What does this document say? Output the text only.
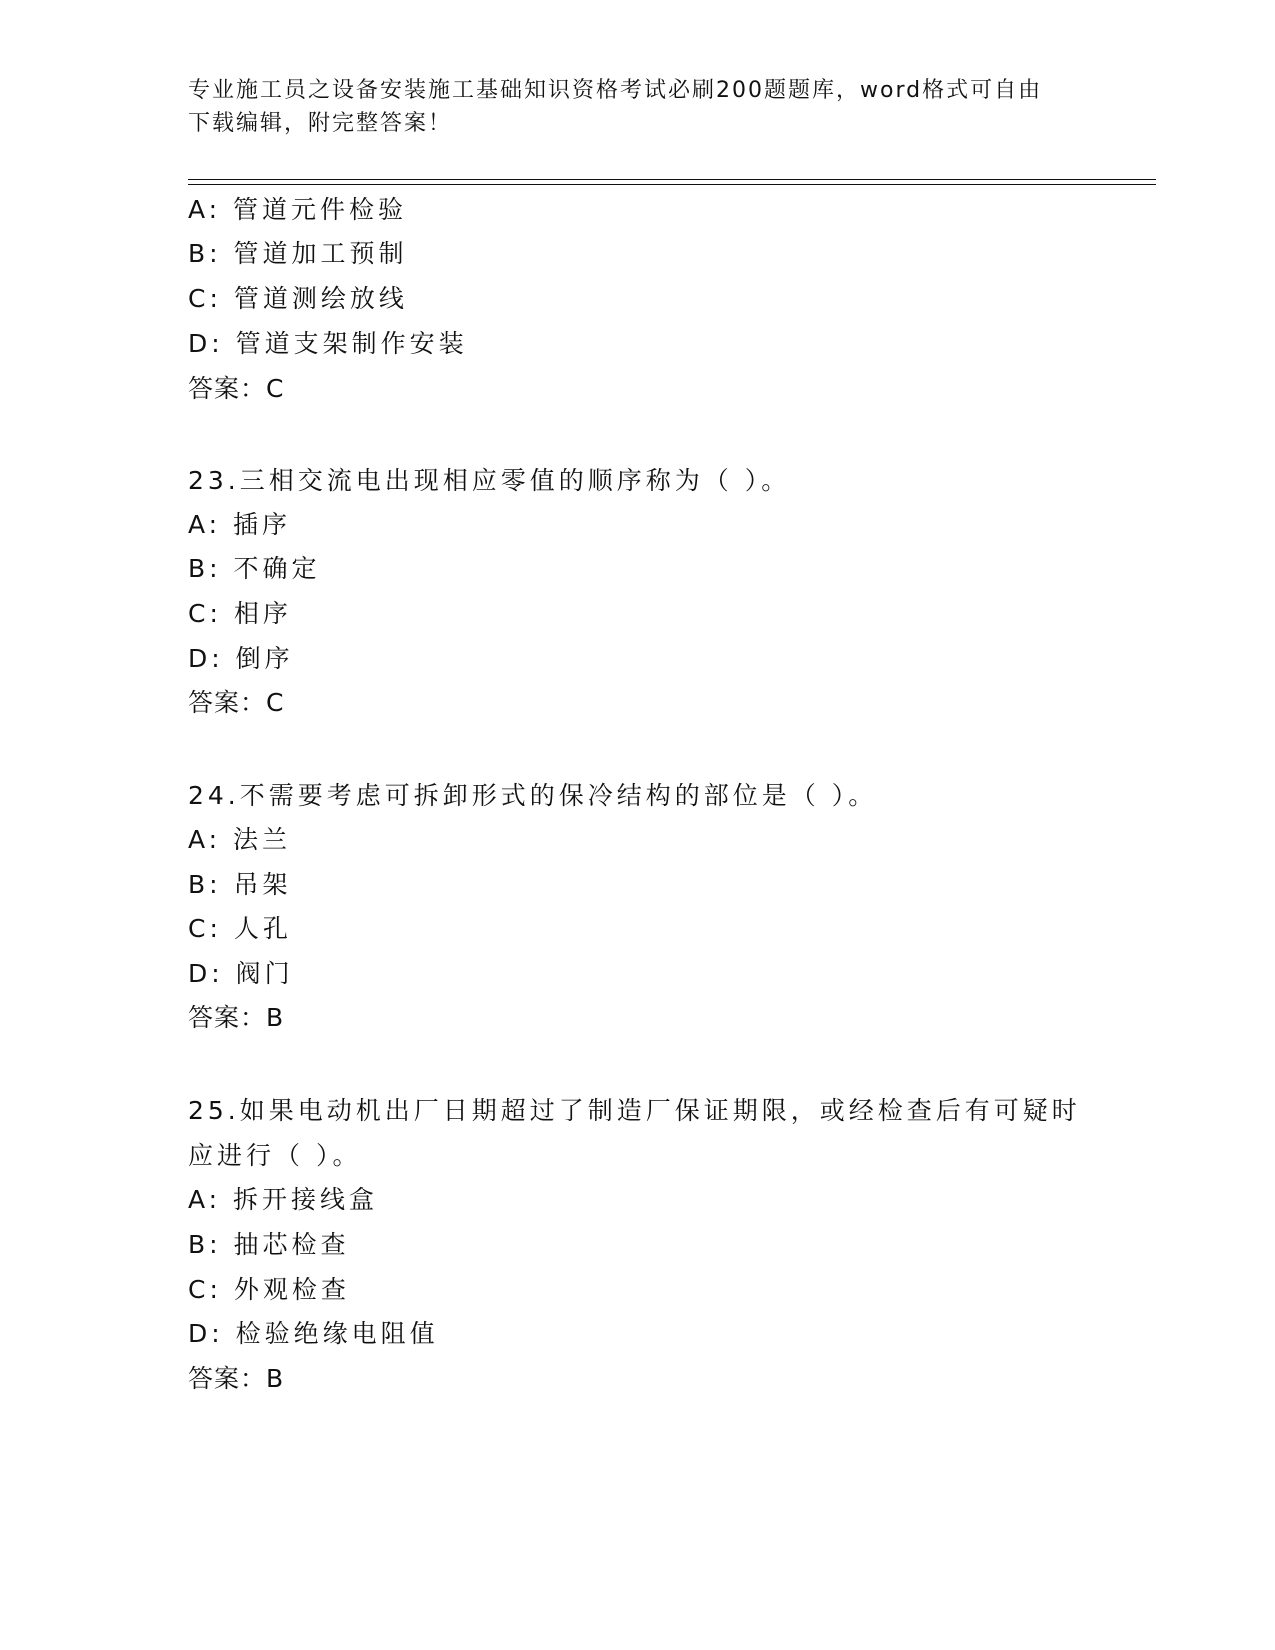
专业施工员之设备安装施工基础知识资格考试必刷200题题库，word格式可自由
下载编辑，附完整答案！
A: 管道元件检验
B: 管道加工预制
C: 管道测绘放线
D: 管道支架制作安装
答案：C
23.三相交流电出现相应零值的顺序称为（ ）。
A: 插序
B: 不确定
C: 相序
D: 倒序
答案：C
24.不需要考虑可拆卸形式的保冷结构的部位是（ ）。
A: 法兰
B: 吊架
C: 人孔
D: 阀门
答案：B
25.如果电动机出厂日期超过了制造厂保证期限，或经检查后有可疑时
应进行（ ）。
A: 拆开接线盒
B: 抽芯检查
C: 外观检查
D: 检验绝缘电阻值
答案：B
